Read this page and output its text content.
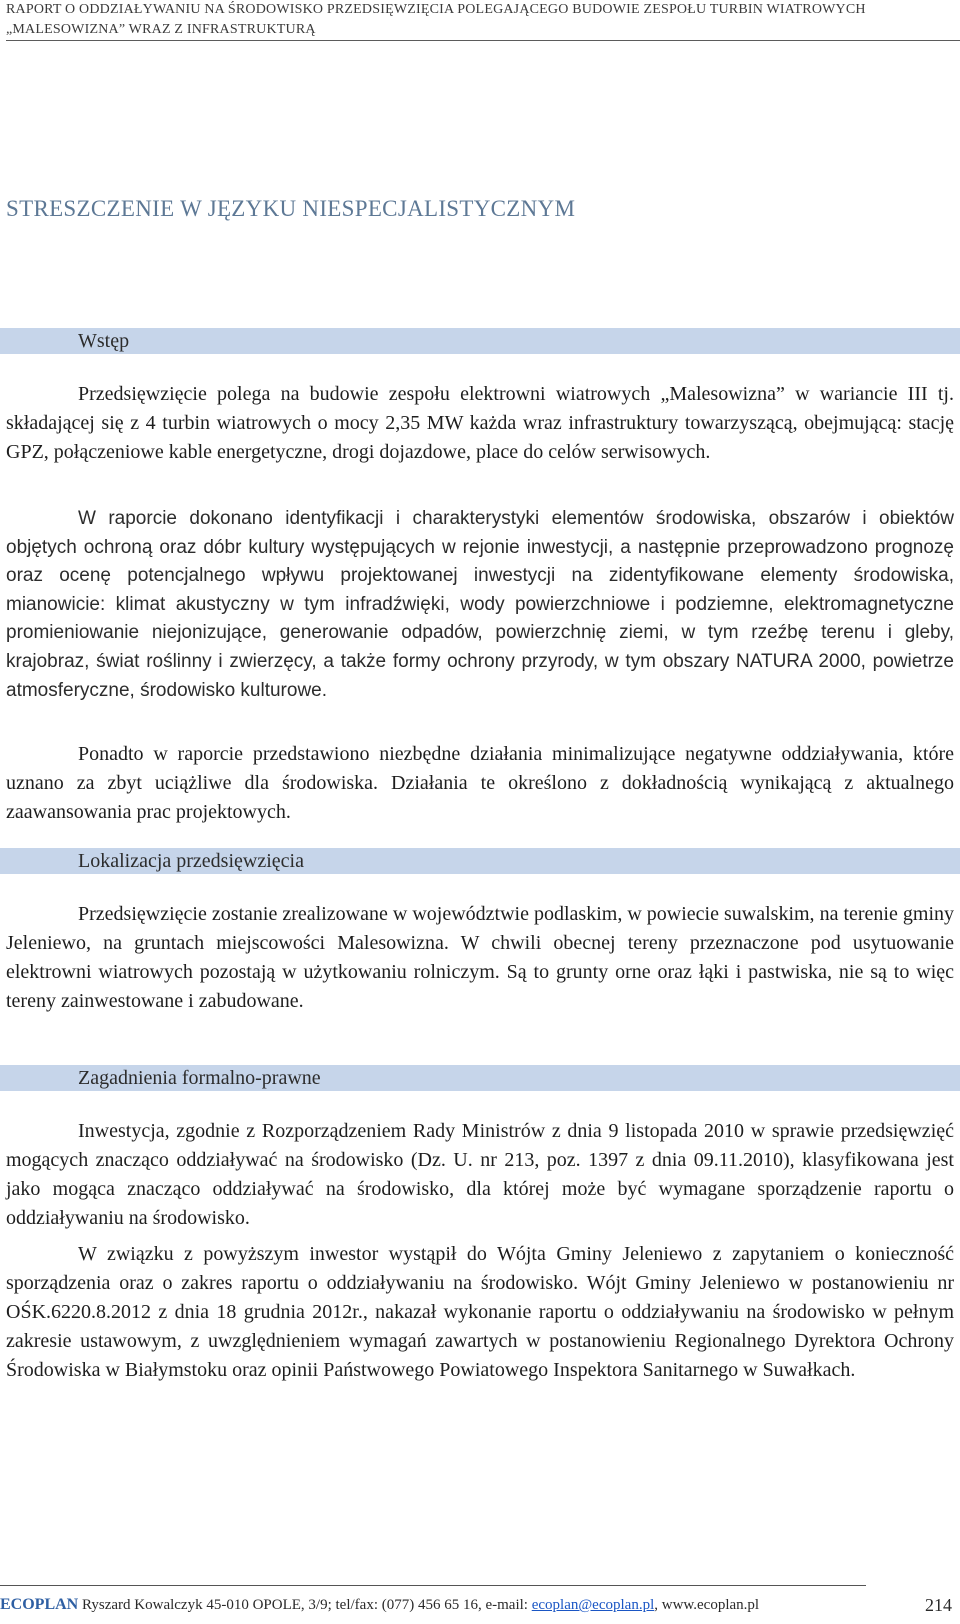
RAPORT O ODDZIAŁYWANIU NA ŚRODOWISKO PRZEDSIĘWZIĘCIA POLEGAJĄCEGO BUDOWIE ZESPOŁU TURBIN WIATROWYCH „MALESOWIZNA” WRAZ Z INFRASTRUKTURĄ
STRESZCZENIE W JĘZYKU NIESPECJALISTYCZNYM
Wstęp

Przedsięwzięcie polega na budowie zespołu elektrowni wiatrowych „Malesowizna” w wariancie III tj. składającej się z 4 turbin wiatrowych o mocy 2,35 MW każda wraz infrastruktury towarzyszącą, obejmującą: stację GPZ, połączeniowe kable energetyczne, drogi dojazdowe, place do celów serwisowych.

W raporcie dokonano identyfikacji i charakterystyki elementów środowiska, obszarów i obiektów objętych ochroną oraz dóbr kultury występujących w rejonie inwestycji, a następnie przeprowadzono prognozę oraz ocenę potencjalnego wpływu projektowanej inwestycji na zidentyfikowane elementy środowiska, mianowicie: klimat akustyczny w tym infradźwięki, wody powierzchniowe i podziemne, elektromagnetyczne promieniowanie niejonizujące, generowanie odpadów, powierzchnię ziemi, w tym rzeźbę terenu i gleby, krajobraz, świat roślinny i zwierzęcy, a także formy ochrony przyrody, w tym obszary NATURA 2000, powietrze atmosferyczne, środowisko kulturowe.

Ponadto w raporcie przedstawiono niezbędne działania minimalizujące negatywne oddziaływania, które uznano za zbyt uciążliwe dla środowiska. Działania te określono z dokładnością wynikającą z aktualnego zaawansowania prac projektowych.

Lokalizacja przedsięwzięcia

Przedsięwzięcie zostanie zrealizowane w województwie podlaskim, w powiecie suwalskim, na terenie gminy Jeleniewo, na gruntach miejscowości Malesowizna. W chwili obecnej tereny przeznaczone pod usytuowanie elektrowni wiatrowych pozostają w użytkowaniu rolniczym. Są to grunty orne oraz łąki i pastwiska, nie są to więc tereny zainwestowane i zabudowane.

Zagadnienia formalno-prawne

Inwestycja, zgodnie z Rozporządzeniem Rady Ministrów z dnia 9 listopada 2010 w sprawie przedsięwzięć mogących znacząco oddziaływać na środowisko (Dz. U. nr 213, poz. 1397 z dnia 09.11.2010), klasyfikowana jest jako mogąca znacząco oddziaływać na środowisko, dla której może być wymagane sporządzenie raportu o oddziaływaniu na środowisko.

W związku z powyższym inwestor wystąpił do Wójta Gminy Jeleniewo z zapytaniem o konieczność sporządzenia oraz o zakres raportu o oddziaływaniu na środowisko. Wójt Gminy Jeleniewo w postanowieniu nr OŚK.6220.8.2012 z dnia 18 grudnia 2012r., nakazał wykonanie raportu o oddziaływaniu na środowisko w pełnym zakresie ustawowym, z uwzględnieniem wymagań zawartych w postanowieniu Regionalnego Dyrektora Ochrony Środowiska w Białymstoku oraz opinii Państwowego Powiatowego Inspektora Sanitarnego w Suwałkach.

ECOPLAN Ryszard Kowalczyk 45-010 OPOLE, 3/9; tel/fax: (077) 456 65 16, e-mail: ecoplan@ecoplan.pl, www.ecoplan.pl	214
